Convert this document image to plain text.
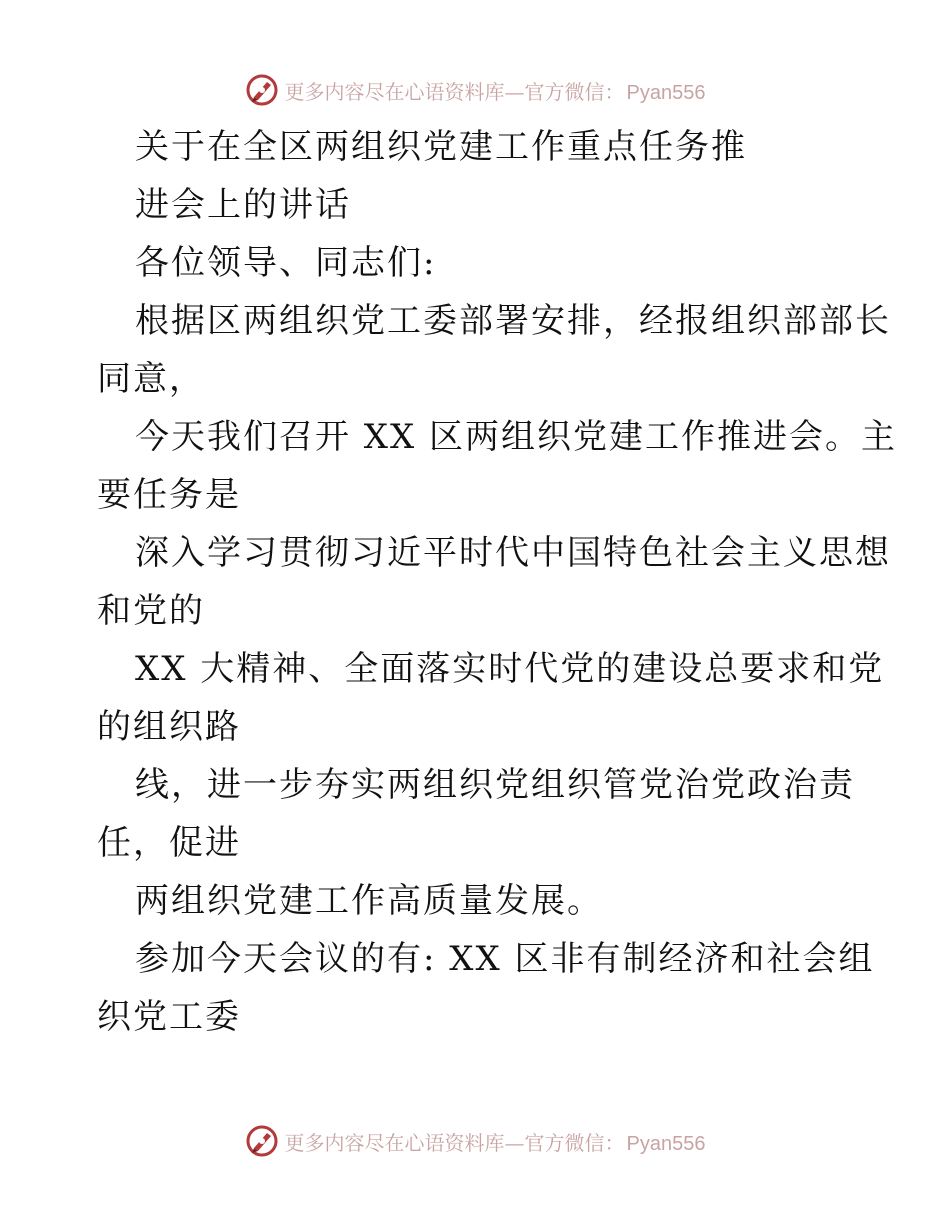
更多内容尽在心语资料库—官方微信： Pyan556
关于在全区两组织党建工作重点任务推
进会上的讲话
各位领导、同志们:
根据区两组织党工委部署安排，经报组织部部长
同意，
今天我们召开 XX 区两组织党建工作推进会。主
要任务是
深入学习贯彻习近平时代中国特色社会主义思想
和党的
XX 大精神、全面落实时代党的建设总要求和党
的组织路
线，进一步夯实两组织党组织管党治党政治责
任，促进
两组织党建工作高质量发展。
参加今天会议的有: XX 区非有制经济和社会组
织党工委
更多内容尽在心语资料库—官方微信： Pyan556
